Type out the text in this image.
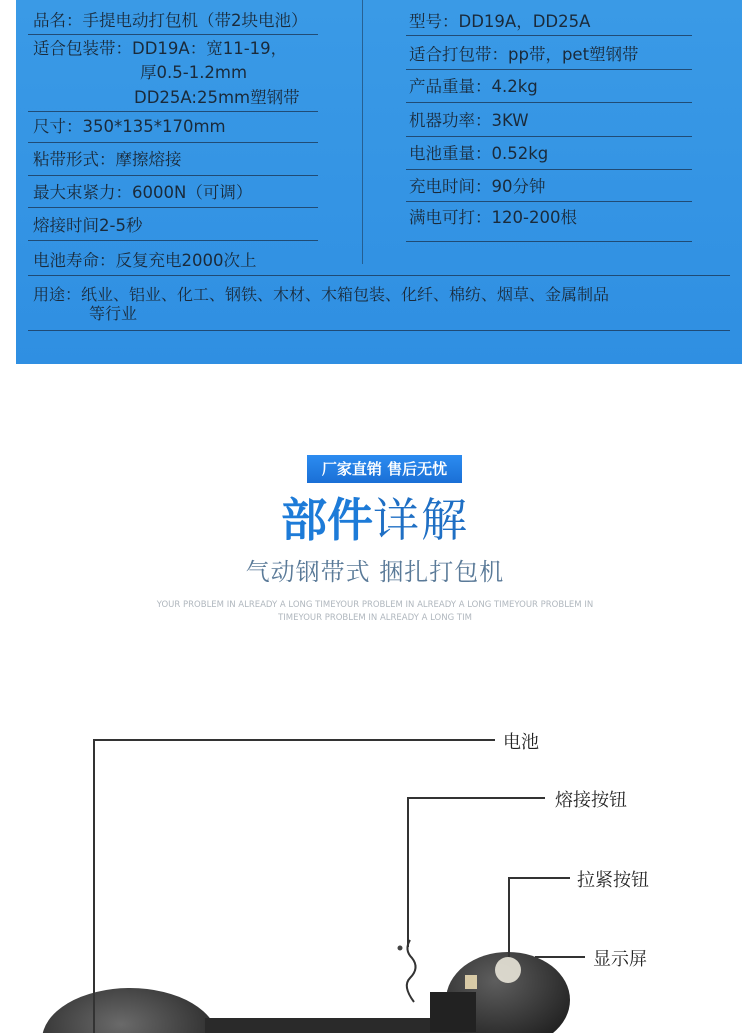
品名：手提电动打包机（带2块电池）
适合包装带：DD19A：宽11-19，
厚0.5-1.2mm
DD25A:25mm塑钢带
尺寸：350*135*170mm
粘带形式：摩擦熔接
最大束紧力：6000N（可调）
熔接时间2-5秒
电池寿命：反复充电2000次上
型号：DD19A，DD25A
适合打包带：pp带，pet塑钢带
产品重量：4.2kg
机器功率：3KW
电池重量：0.52kg
充电时间：90分钟
满电可打：120-200根
用途：纸业、铝业、化工、钢铁、木材、木箱包装、化纤、棉纺、烟草、金属制品
等行业
厂家直销 售后无忧
部件详解
气动钢带式 捆扎打包机
YOUR PROBLEM IN ALREADY A LONG TIMEYOUR PROBLEM IN ALREADY A LONG TIMEYOUR PROBLEM IN
TIMEYOUR PROBLEM IN ALREADY A LONG TIM
电池
熔接按钮
拉紧按钮
显示屏
